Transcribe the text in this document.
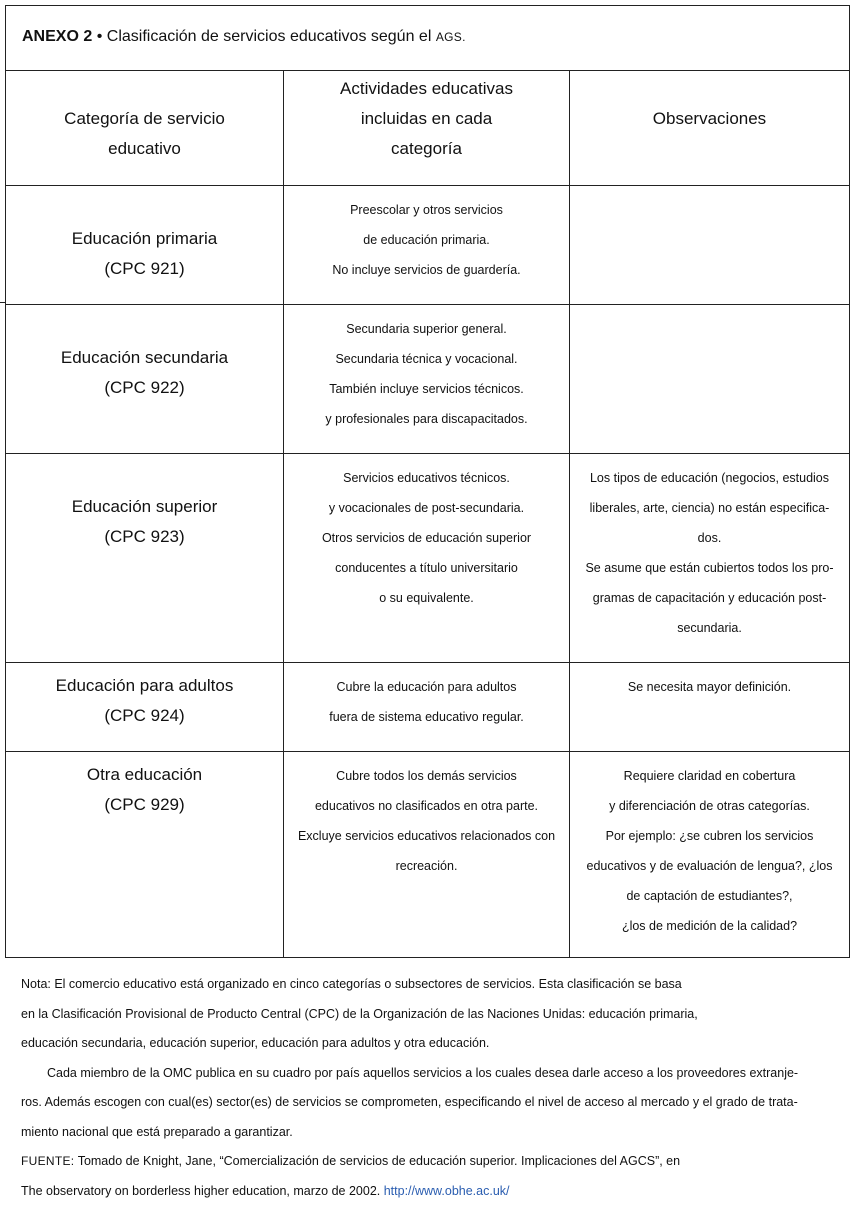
ANEXO 2 • Clasificación de servicios educativos según el AGS.
Categoría de servicio
educativo
Actividades educativas
incluidas en cada
categoría
Observaciones
Educación primaria
(CPC 921)
Preescolar y otros servicios
de educación primaria.
No incluye servicios de guardería.
Educación secundaria
(CPC 922)
Secundaria superior general.
Secundaria técnica y vocacional.
También incluye servicios técnicos.
y profesionales para discapacitados.
Educación superior
(CPC 923)
Servicios educativos técnicos.
y vocacionales de post-secundaria.
Otros servicios de educación superior
conducentes a título universitario
o su equivalente.
Los tipos de educación (negocios, estudios
liberales, arte, ciencia) no están especifica-
dos.
Se asume que están cubiertos todos los pro-
gramas de capacitación y educación post-
secundaria.
Educación para adultos
(CPC 924)
Cubre la educación para adultos
fuera de sistema educativo regular.
Se necesita mayor definición.
Otra educación
(CPC 929)
Cubre todos los demás servicios
educativos no clasificados en otra parte.
Excluye servicios educativos relacionados con
recreación.
Requiere claridad en cobertura
y diferenciación de otras categorías.
Por ejemplo: ¿se cubren los servicios
educativos y de evaluación de lengua?, ¿los
de captación de estudiantes?,
¿los de medición de la calidad?
Nota: El comercio educativo está organizado en cinco categorías o subsectores de servicios. Esta clasificación se basa
en la Clasificación Provisional de Producto Central (CPC) de la Organización de las Naciones Unidas: educación primaria,
educación secundaria, educación superior, educación para adultos y otra educación.
Cada miembro de la OMC publica en su cuadro por país aquellos servicios a los cuales desea darle acceso a los proveedores extranje-
ros. Además escogen con cual(es) sector(es) de servicios se comprometen, especificando el nivel de acceso al mercado y el grado de trata-
miento nacional que está preparado a garantizar.
FUENTE: Tomado de Knight, Jane, “Comercialización de servicios de educación superior. Implicaciones del AGCS”, en
The observatory on borderless higher education, marzo de 2002. http://www.obhe.ac.uk/
